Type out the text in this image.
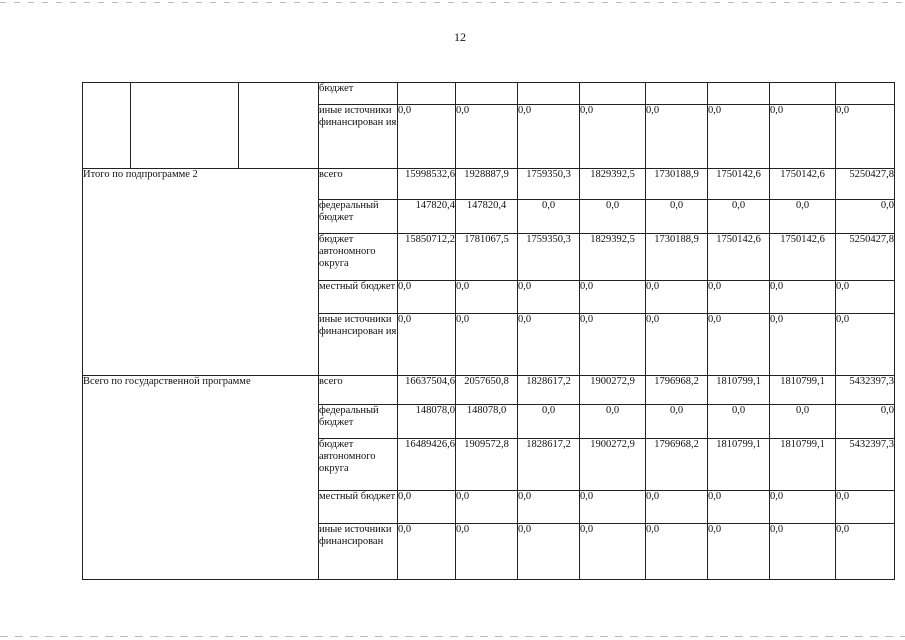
12
			бюджет								
			иные источники финансирован ия	0,0	0,0	0,0	0,0	0,0	0,0	0,0	0,0
Итого по подпрограмме 2			всего	15998532,6	1928887,9	1759350,3	1829392,5	1730188,9	1750142,6	1750142,6	5250427,8
			федеральный бюджет	147820,4	147820,4	0,0	0,0	0,0	0,0	0,0	0,0
			бюджет автономного округа	15850712,2	1781067,5	1759350,3	1829392,5	1730188,9	1750142,6	1750142,6	5250427,8
			местный бюджет	0,0	0,0	0,0	0,0	0,0	0,0	0,0	0,0
			иные источники финансирован ия	0,0	0,0	0,0	0,0	0,0	0,0	0,0	0,0
Всего по государственной программе			всего	16637504,6	2057650,8	1828617,2	1900272,9	1796968,2	1810799,1	1810799,1	5432397,3
			федеральный бюджет	148078,0	148078,0	0,0	0,0	0,0	0,0	0,0	0,0
			бюджет автономного округа	16489426,6	1909572,8	1828617,2	1900272,9	1796968,2	1810799,1	1810799,1	5432397,3
			местный бюджет	0,0	0,0	0,0	0,0	0,0	0,0	0,0	0,0
			иные источники финансирован	0,0	0,0	0,0	0,0	0,0	0,0	0,0	0,0
